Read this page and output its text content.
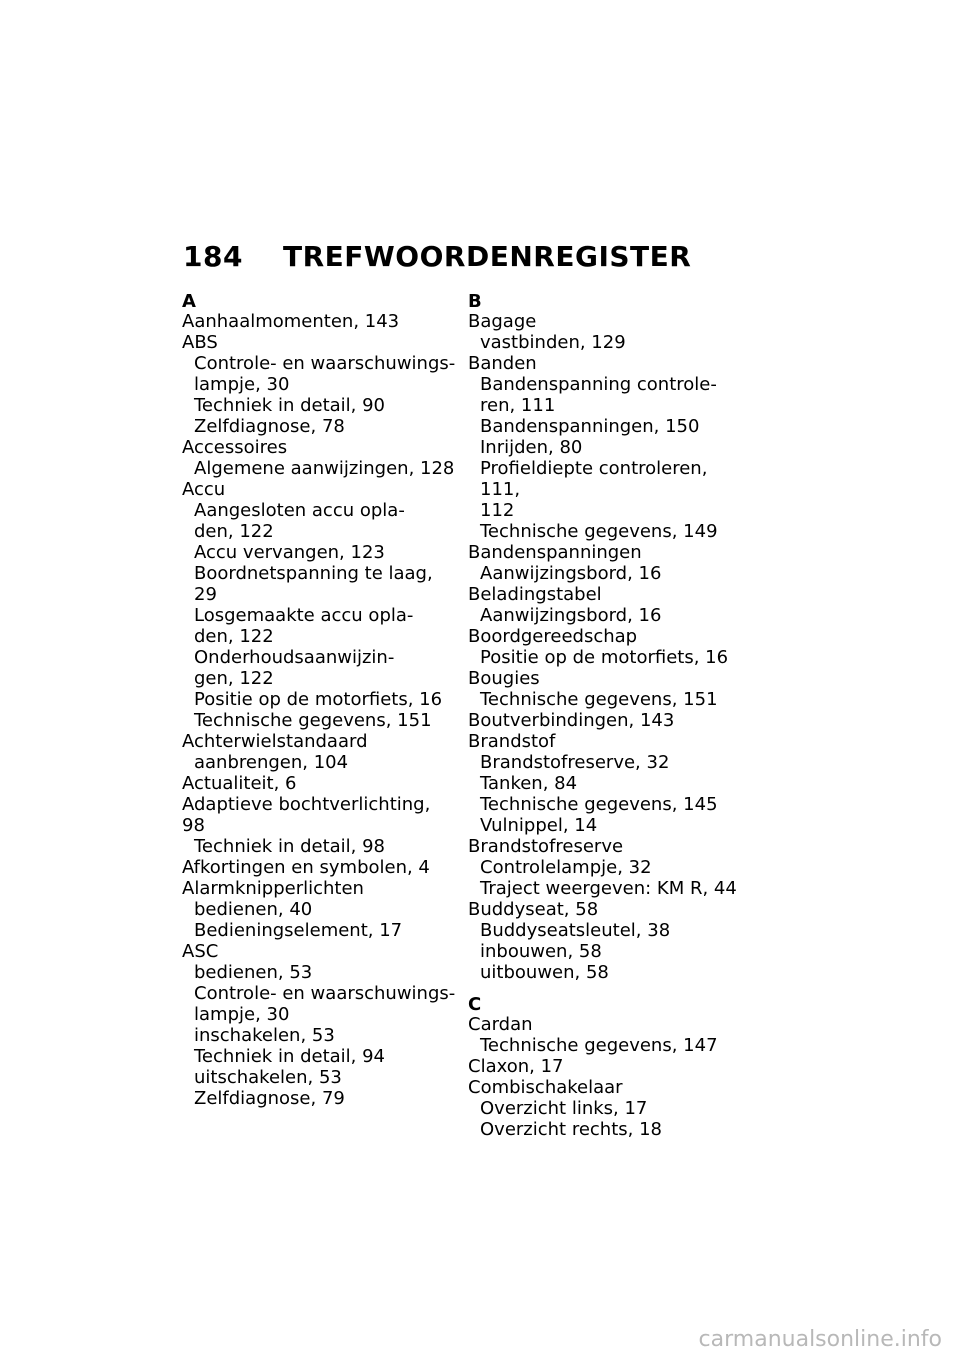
184 TREFWOORDENREGISTER
A
Aanhaalmomenten, 143
ABS
Controle- en waarschuwings-
lampje, 30
Techniek in detail, 90
Zelfdiagnose, 78
Accessoires
Algemene aanwijzingen, 128
Accu
Aangesloten accu opla-
den, 122
Accu vervangen, 123
Boordnetspanning te laag, 29
Losgemaakte accu opla-
den, 122
Onderhoudsaanwijzin-
gen, 122
Positie op de motorfiets, 16
Technische gegevens, 151
Achterwielstandaard
aanbrengen, 104
Actualiteit, 6
Adaptieve bochtverlichting, 98
Techniek in detail, 98
Afkortingen en symbolen, 4
Alarmknipperlichten
bedienen, 40
Bedieningselement, 17
ASC
bedienen, 53
Controle- en waarschuwings-
lampje, 30
inschakelen, 53
Techniek in detail, 94
uitschakelen, 53
Zelfdiagnose, 79
B
Bagage
vastbinden, 129
Banden
Bandenspanning controle-
ren, 111
Bandenspanningen, 150
Inrijden, 80
Profieldiepte controleren, 111,
112
Technische gegevens, 149
Bandenspanningen
Aanwijzingsbord, 16
Beladingstabel
Aanwijzingsbord, 16
Boordgereedschap
Positie op de motorfiets, 16
Bougies
Technische gegevens, 151
Boutverbindingen, 143
Brandstof
Brandstofreserve, 32
Tanken, 84
Technische gegevens, 145
Vulnippel, 14
Brandstofreserve
Controlelampje, 32
Traject weergeven: KM R, 44
Buddyseat, 58
Buddyseatsleutel, 38
inbouwen, 58
uitbouwen, 58
C
Cardan
Technische gegevens, 147
Claxon, 17
Combischakelaar
Overzicht links, 17
Overzicht rechts, 18
carmanualsonline.info
